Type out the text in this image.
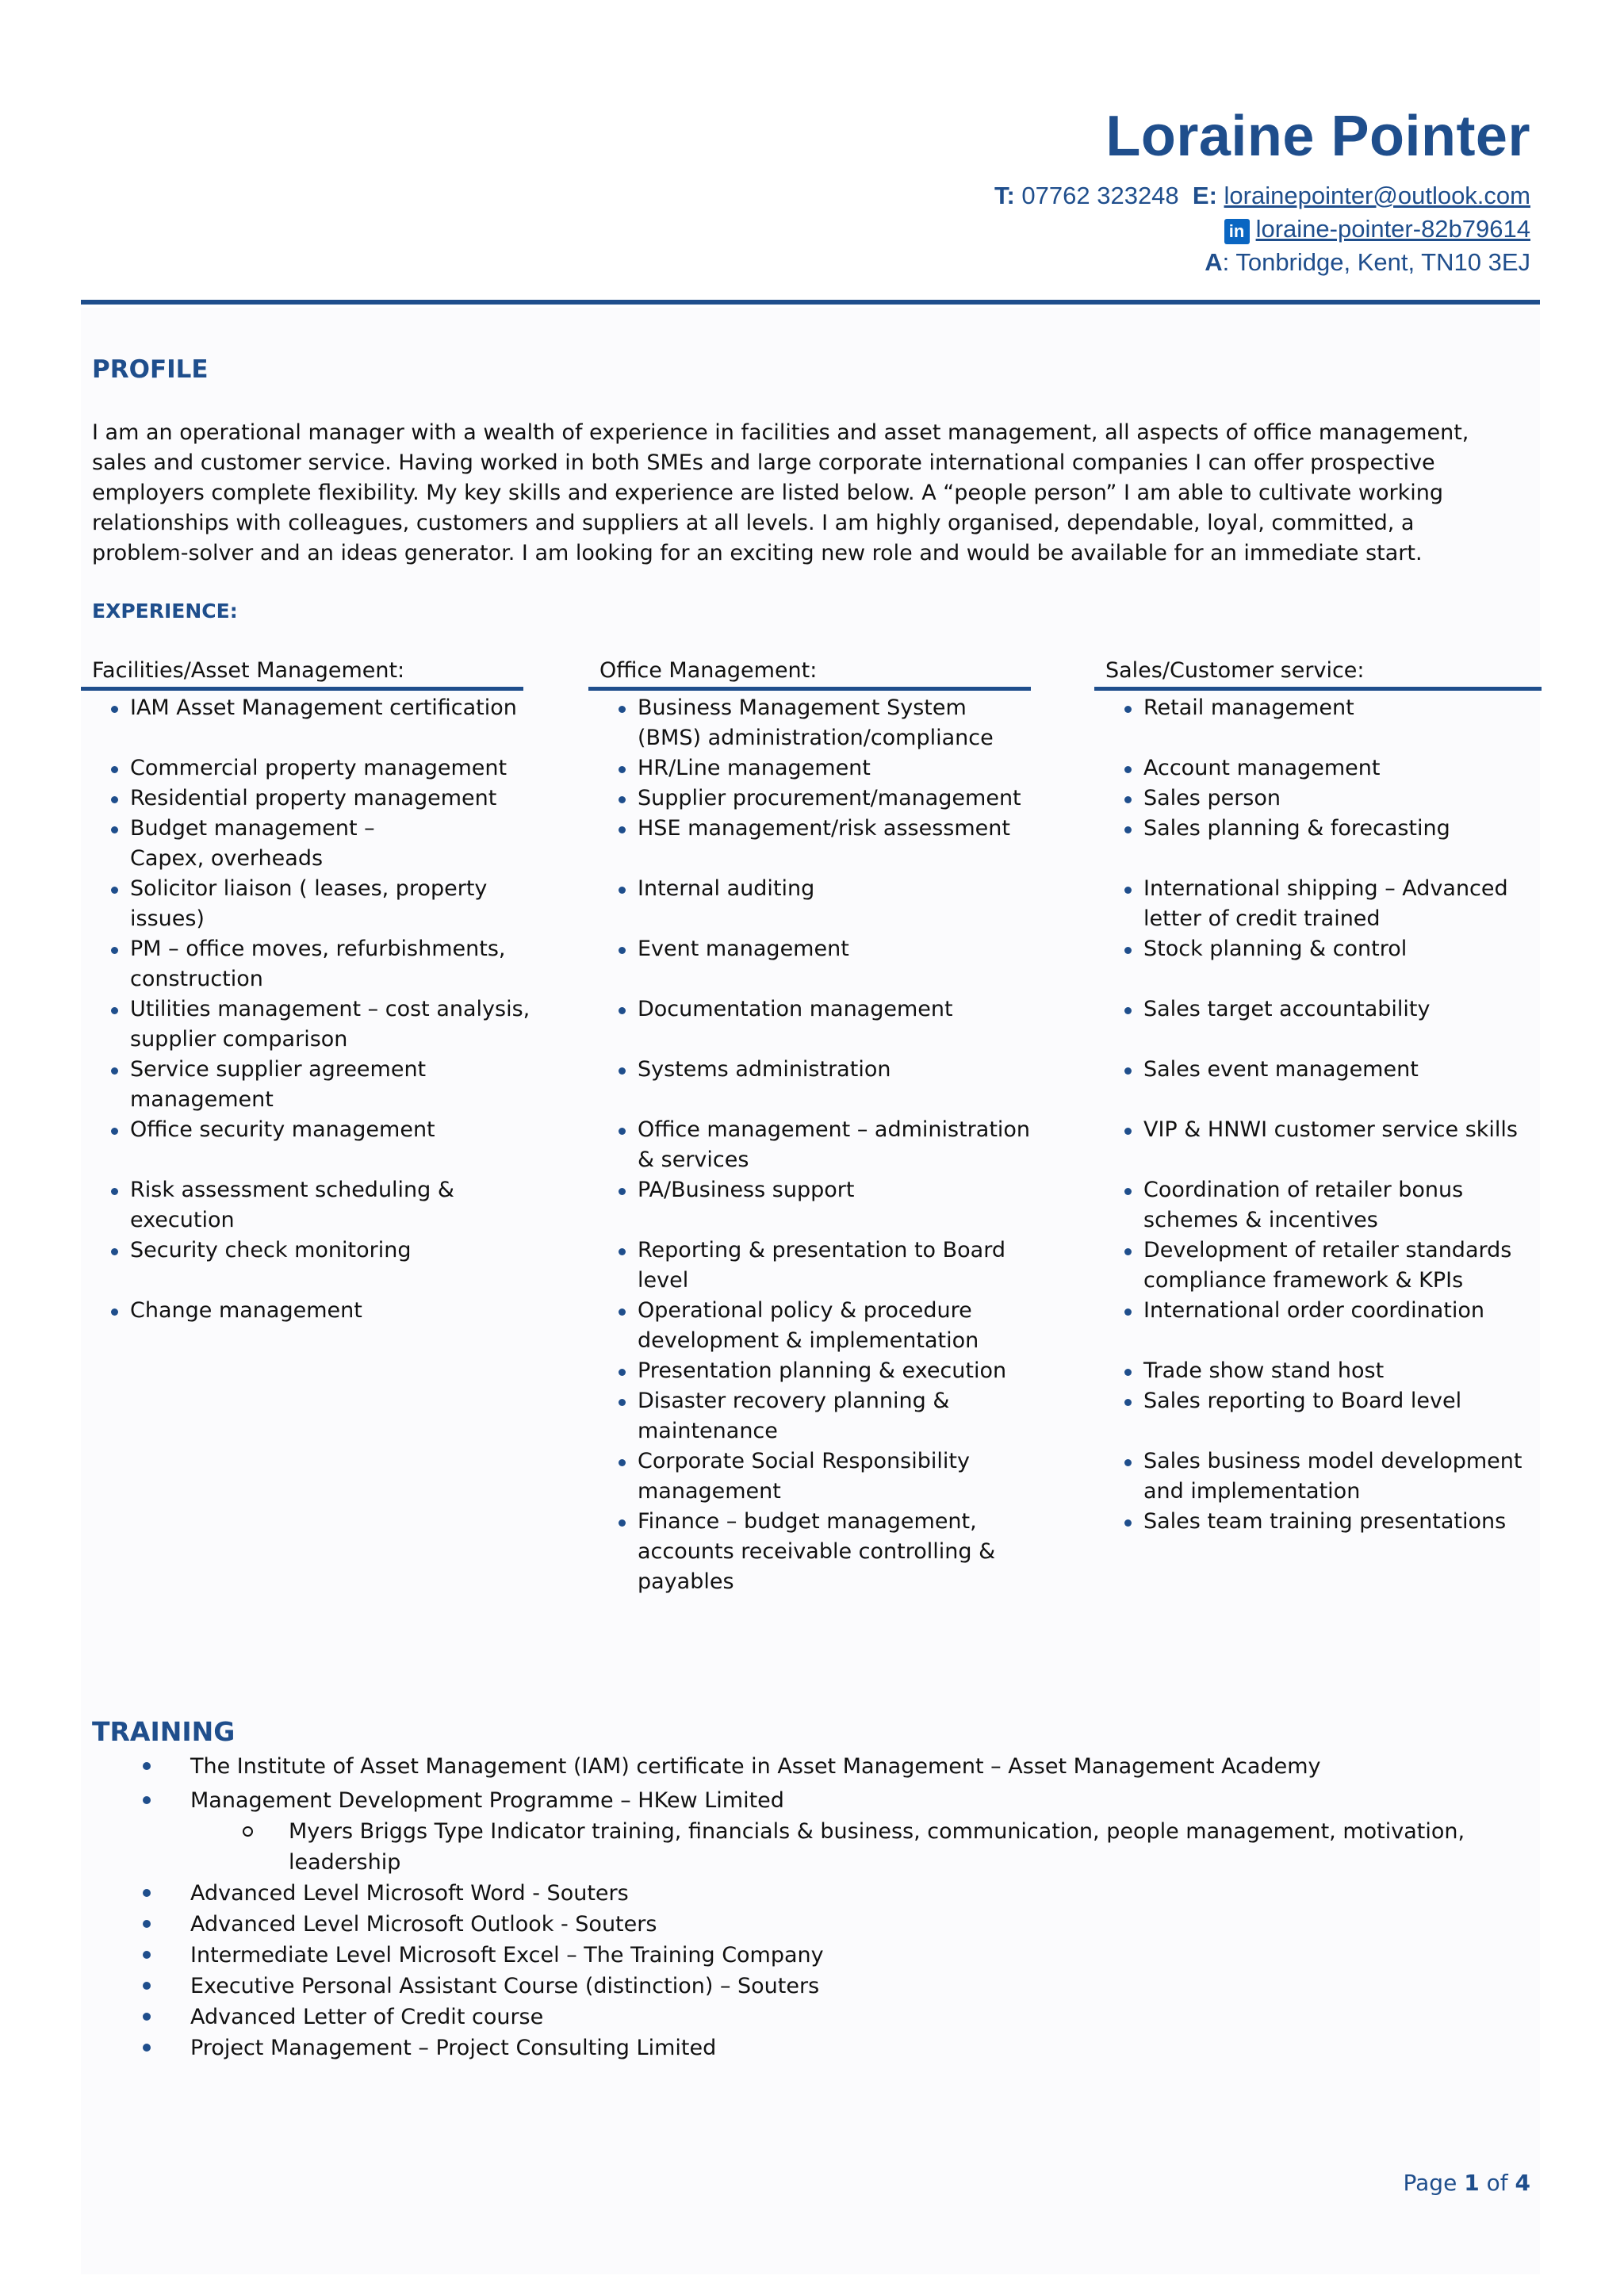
Loraine Pointer
T: 07762 323248 E: lorainepointer@outlook.com
in loraine-pointer-82b79614
A: Tonbridge, Kent, TN10 3EJ
PROFILE
I am an operational manager with a wealth of experience in facilities and asset management, all aspects of office management, sales and customer service. Having worked in both SMEs and large corporate international companies I can offer prospective employers complete flexibility. My key skills and experience are listed below. A “people person” I am able to cultivate working relationships with colleagues, customers and suppliers at all levels. I am highly organised, dependable, loyal, committed, a problem-solver and an ideas generator. I am looking for an exciting new role and would be available for an immediate start.
EXPERIENCE:
Facilities/Asset Management:	Office Management:	Sales/Customer service:
IAM Asset Management certification
Commercial property management
Residential property management
Budget management – Capex, overheads
Solicitor liaison ( leases, property issues)
PM – office moves, refurbishments, construction
Utilities management – cost analysis, supplier comparison
Service supplier agreement management
Office security management
Risk assessment scheduling & execution
Security check monitoring
Change management
Business Management System (BMS) administration/compliance
HR/Line management
Supplier procurement/management
HSE management/risk assessment
Internal auditing
Event management
Documentation management
Systems administration
Office management – administration & services
PA/Business support
Reporting & presentation to Board level
Operational policy & procedure development & implementation
Presentation planning & execution
Disaster recovery planning & maintenance
Corporate Social Responsibility management
Finance – budget management, accounts receivable controlling & payables
Retail management
Account management
Sales person
Sales planning & forecasting
International shipping – Advanced letter of credit trained
Stock planning & control
Sales target accountability
Sales event management
VIP & HNWI customer service skills
Coordination of retailer bonus schemes & incentives
Development of retailer standards compliance framework & KPIs
International order coordination
Trade show stand host
Sales reporting to Board level
Sales business model development and implementation
Sales team training presentations
TRAINING
The Institute of Asset Management (IAM) certificate in Asset Management – Asset Management Academy
Management Development Programme – HKew Limited
Myers Briggs Type Indicator training, financials & business, communication, people management, motivation, leadership
Advanced Level Microsoft Word - Souters
Advanced Level Microsoft Outlook - Souters
Intermediate Level Microsoft Excel – The Training Company
Executive Personal Assistant Course (distinction) – Souters
Advanced Letter of Credit course
Project Management – Project Consulting Limited
Page 1 of 4
